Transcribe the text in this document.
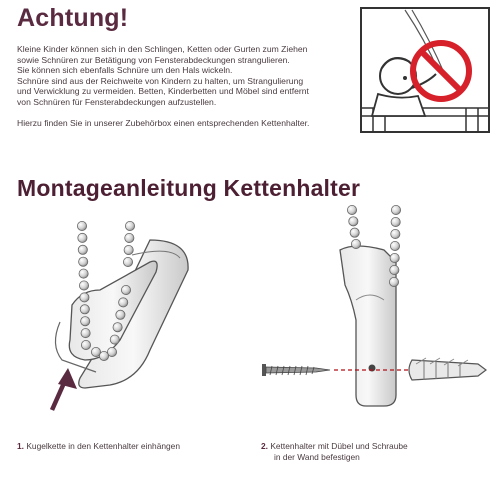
Achtung!

Kleine Kinder können sich in den Schlingen, Ketten oder Gurten zum Ziehen

sowie Schnüren zur Betätigung von Fensterabdeckungen strangulieren.

Sie können sich ebenfalls Schnüre um den Hals wickeln.

Schnüre sind aus der Reichweite von Kindern zu halten, um Strangulierung

und Verwicklung zu vermeiden. Betten, Kinderbetten und Möbel sind entfernt

von Schnüren für Fensterabdeckungen aufzustellen.

Hierzu finden Sie in unserer Zubehörbox einen entsprechenden Kettenhalter.

Montageanleitung Kettenhalter
1. Kugelkette in den Kettenhalter einhängen	2. Kettenhalter mit Dübel und Schraube
in der Wand befestigen
